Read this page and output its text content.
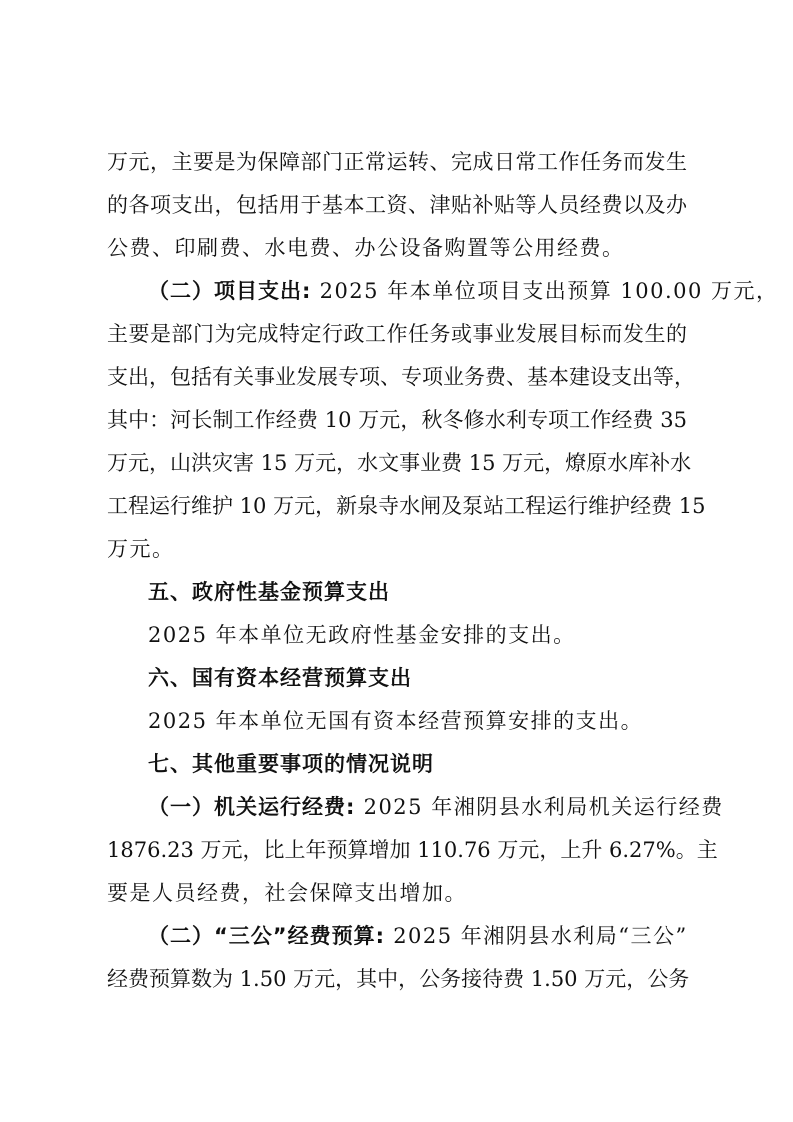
万元，主要是为保障部门正常运转、完成日常工作任务而发生
的各项支出，包括用于基本工资、津贴补贴等人员经费以及办
公费、印刷费、水电费、办公设备购置等公用经费。
（二）项目支出: 2025 年本单位项目支出预算 100.00 万元，
主要是部门为完成特定行政工作任务或事业发展目标而发生的
支出，包括有关事业发展专项、专项业务费、基本建设支出等，
其中：河长制工作经费 10 万元，秋冬修水利专项工作经费 35
万元，山洪灾害 15 万元，水文事业费 15 万元，燎原水库补水
工程运行维护 10 万元，新泉寺水闸及泵站工程运行维护经费 15
万元。
五、政府性基金预算支出
2025 年本单位无政府性基金安排的支出。
六、国有资本经营预算支出
2025 年本单位无国有资本经营预算安排的支出。
七、其他重要事项的情况说明
（一）机关运行经费: 2025 年湘阴县水利局机关运行经费
1876.23 万元，比上年预算增加 110.76 万元，上升 6.27%。主
要是人员经费，社会保障支出增加。
（二）“三公”经费预算: 2025 年湘阴县水利局“三公”
经费预算数为 1.50 万元，其中，公务接待费 1.50 万元，公务
